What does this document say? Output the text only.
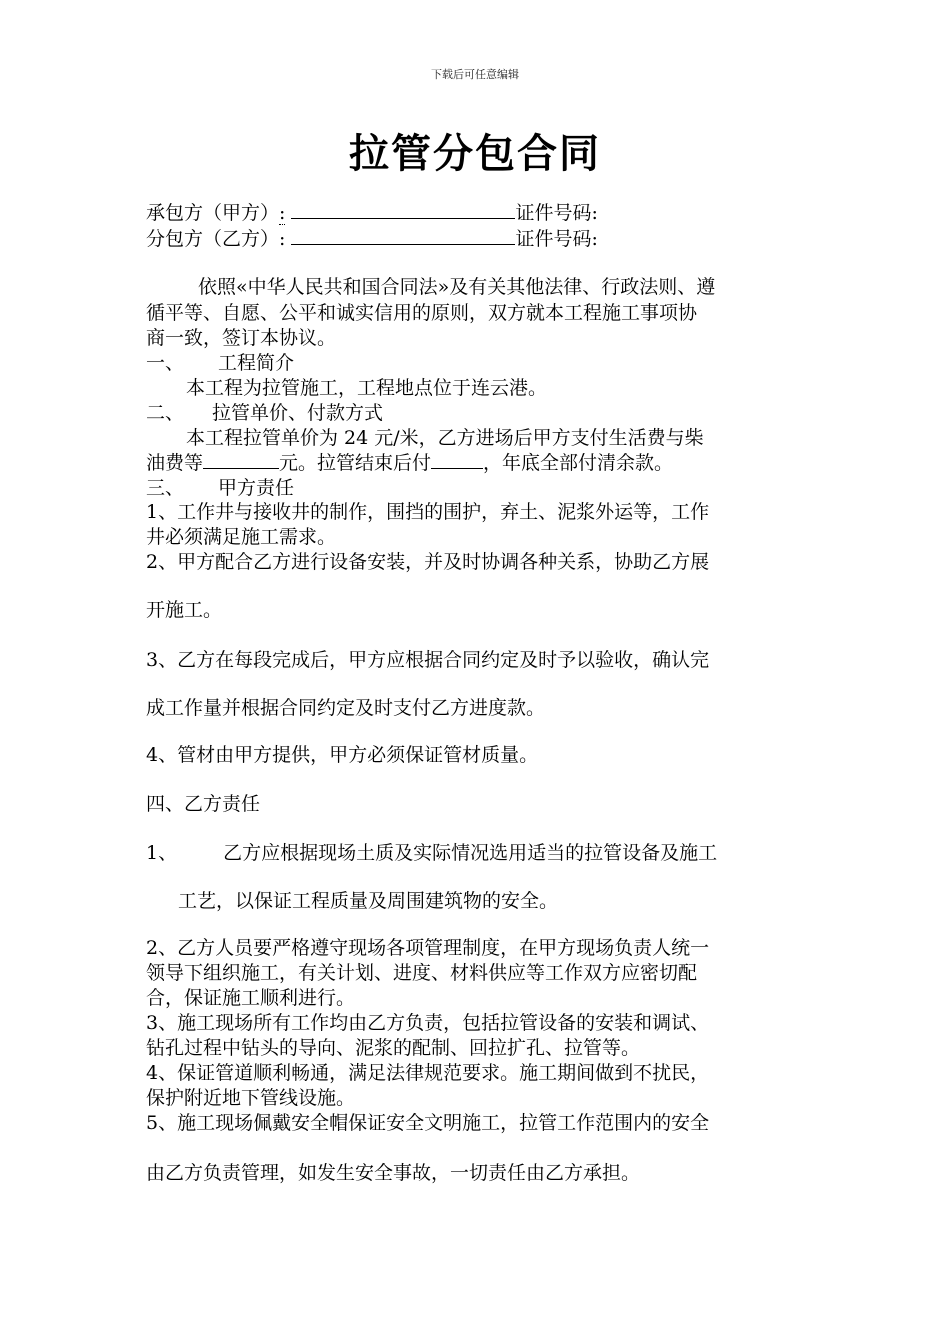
下载后可任意编辑
拉管分包合同
承包方（甲方）:	证件号码:
分包方（乙方）:	证件号码:
依照«中华人民共和国合同法»及有关其他法律、行政法则、遵
循平等、自愿、公平和诚实信用的原则，双方就本工程施工事项协
商一致，签订本协议。
一、 工程简介
本工程为拉管施工，工程地点位于连云港。
二、 拉管单价、付款方式
本工程拉管单价为 24 元/米，乙方进场后甲方支付生活费与柴
油费等	元。拉管结束后付	，年底全部付清余款。
三、 甲方责任
1、工作井与接收井的制作，围挡的围护，弃土、泥浆外运等，工作
井必须满足施工需求。
2、甲方配合乙方进行设备安装，并及时协调各种关系，协助乙方展
开施工。
3、乙方在每段完成后，甲方应根据合同约定及时予以验收，确认完
成工作量并根据合同约定及时支付乙方进度款。
4、管材由甲方提供，甲方必须保证管材质量。
四、乙方责任
1、 乙方应根据现场土质及实际情况选用适当的拉管设备及施工
工艺，以保证工程质量及周围建筑物的安全。
2、乙方人员要严格遵守现场各项管理制度，在甲方现场负责人统一
领导下组织施工，有关计划、进度、材料供应等工作双方应密切配
合，保证施工顺利进行。
3、施工现场所有工作均由乙方负责，包括拉管设备的安装和调试、
钻孔过程中钻头的导向、泥浆的配制、回拉扩孔、拉管等。
4、保证管道顺利畅通，满足法律规范要求。施工期间做到不扰民，
保护附近地下管线设施。
5、施工现场佩戴安全帽保证安全文明施工，拉管工作范围内的安全
由乙方负责管理，如发生安全事故，一切责任由乙方承担。
